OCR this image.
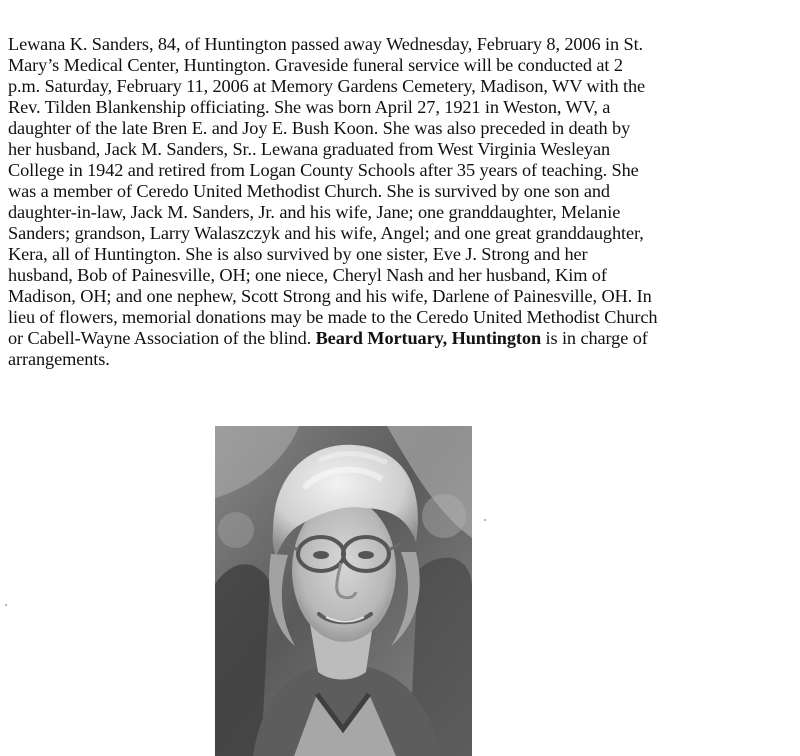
Lewana K. Sanders, 84, of Huntington passed away Wednesday, February 8, 2006 in St.
Mary’s Medical Center, Huntington. Graveside funeral service will be conducted at 2
p.m. Saturday, February 11, 2006 at Memory Gardens Cemetery, Madison, WV with the
Rev. Tilden Blankenship officiating. She was born April 27, 1921 in Weston, WV, a
daughter of the late Bren E. and Joy E. Bush Koon. She was also preceded in death by
her husband, Jack M. Sanders, Sr.. Lewana graduated from West Virginia Wesleyan
College in 1942 and retired from Logan County Schools after 35 years of teaching. She
was a member of Ceredo United Methodist Church. She is survived by one son and
daughter-in-law, Jack M. Sanders, Jr. and his wife, Jane; one granddaughter, Melanie
Sanders; grandson, Larry Walaszczyk and his wife, Angel; and one great granddaughter,
Kera, all of Huntington. She is also survived by one sister, Eve J. Strong and her
husband, Bob of Painesville, OH; one niece, Cheryl Nash and her husband, Kim of
Madison, OH; and one nephew, Scott Strong and his wife, Darlene of Painesville, OH. In
lieu of flowers, memorial donations may be made to the Ceredo United Methodist Church
or Cabell-Wayne Association of the blind. Beard Mortuary, Huntington is in charge of
arrangements.
